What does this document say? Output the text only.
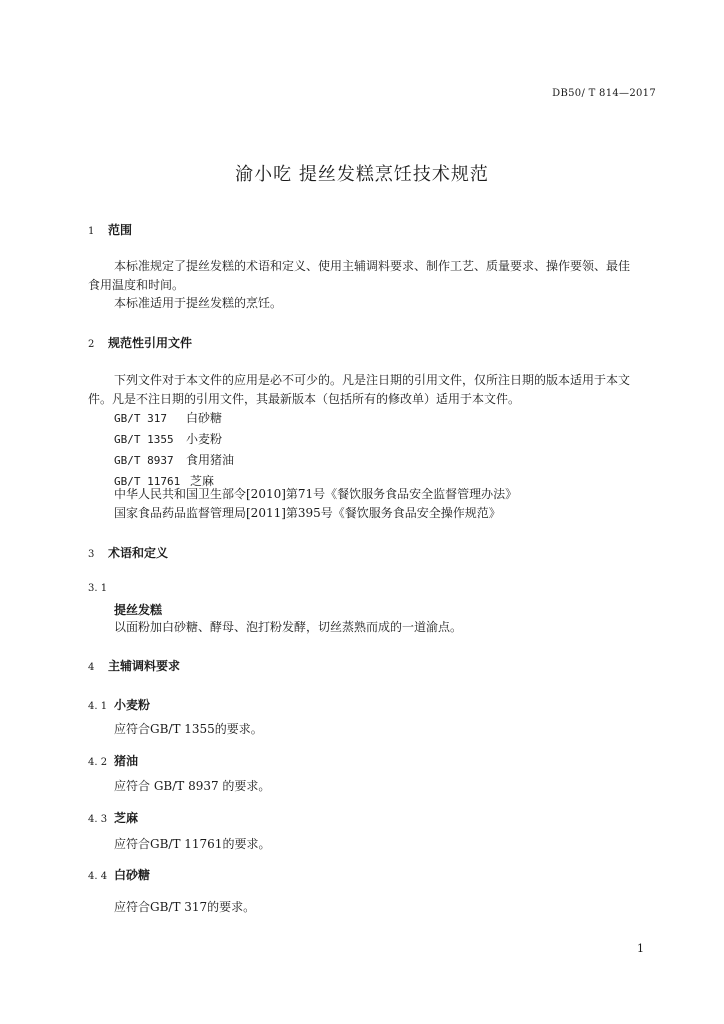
DB50/ T 814—2017
渝小吃 提丝发糕烹饪技术规范
1 范围
本标准规定了提丝发糕的术语和定义、使用主辅调料要求、制作工艺、质量要求、操作要领、最佳
食用温度和时间。
本标准适用于提丝发糕的烹饪。
2 规范性引用文件
下列文件对于本文件的应用是必不可少的。凡是注日期的引用文件，仅所注日期的版本适用于本文
件。凡是不注日期的引用文件，其最新版本（包括所有的修改单）适用于本文件。
GB/T 317 白砂糖
GB/T 1355 小麦粉
GB/T 8937 食用猪油
GB/T 11761 芝麻
中华人民共和国卫生部令[2010]第71号《餐饮服务食品安全监督管理办法》
国家食品药品监督管理局[2011]第395号《餐饮服务食品安全操作规范》
3 术语和定义
3. 1
提丝发糕
以面粉加白砂糖、酵母、泡打粉发酵，切丝蒸熟而成的一道渝点。
4 主辅调料要求
4. 1 小麦粉
应符合GB/T 1355的要求。
4. 2 猪油
应符合 GB/T 8937 的要求。
4. 3 芝麻
应符合GB/T 11761的要求。
4. 4 白砂糖
应符合GB/T 317的要求。
1
